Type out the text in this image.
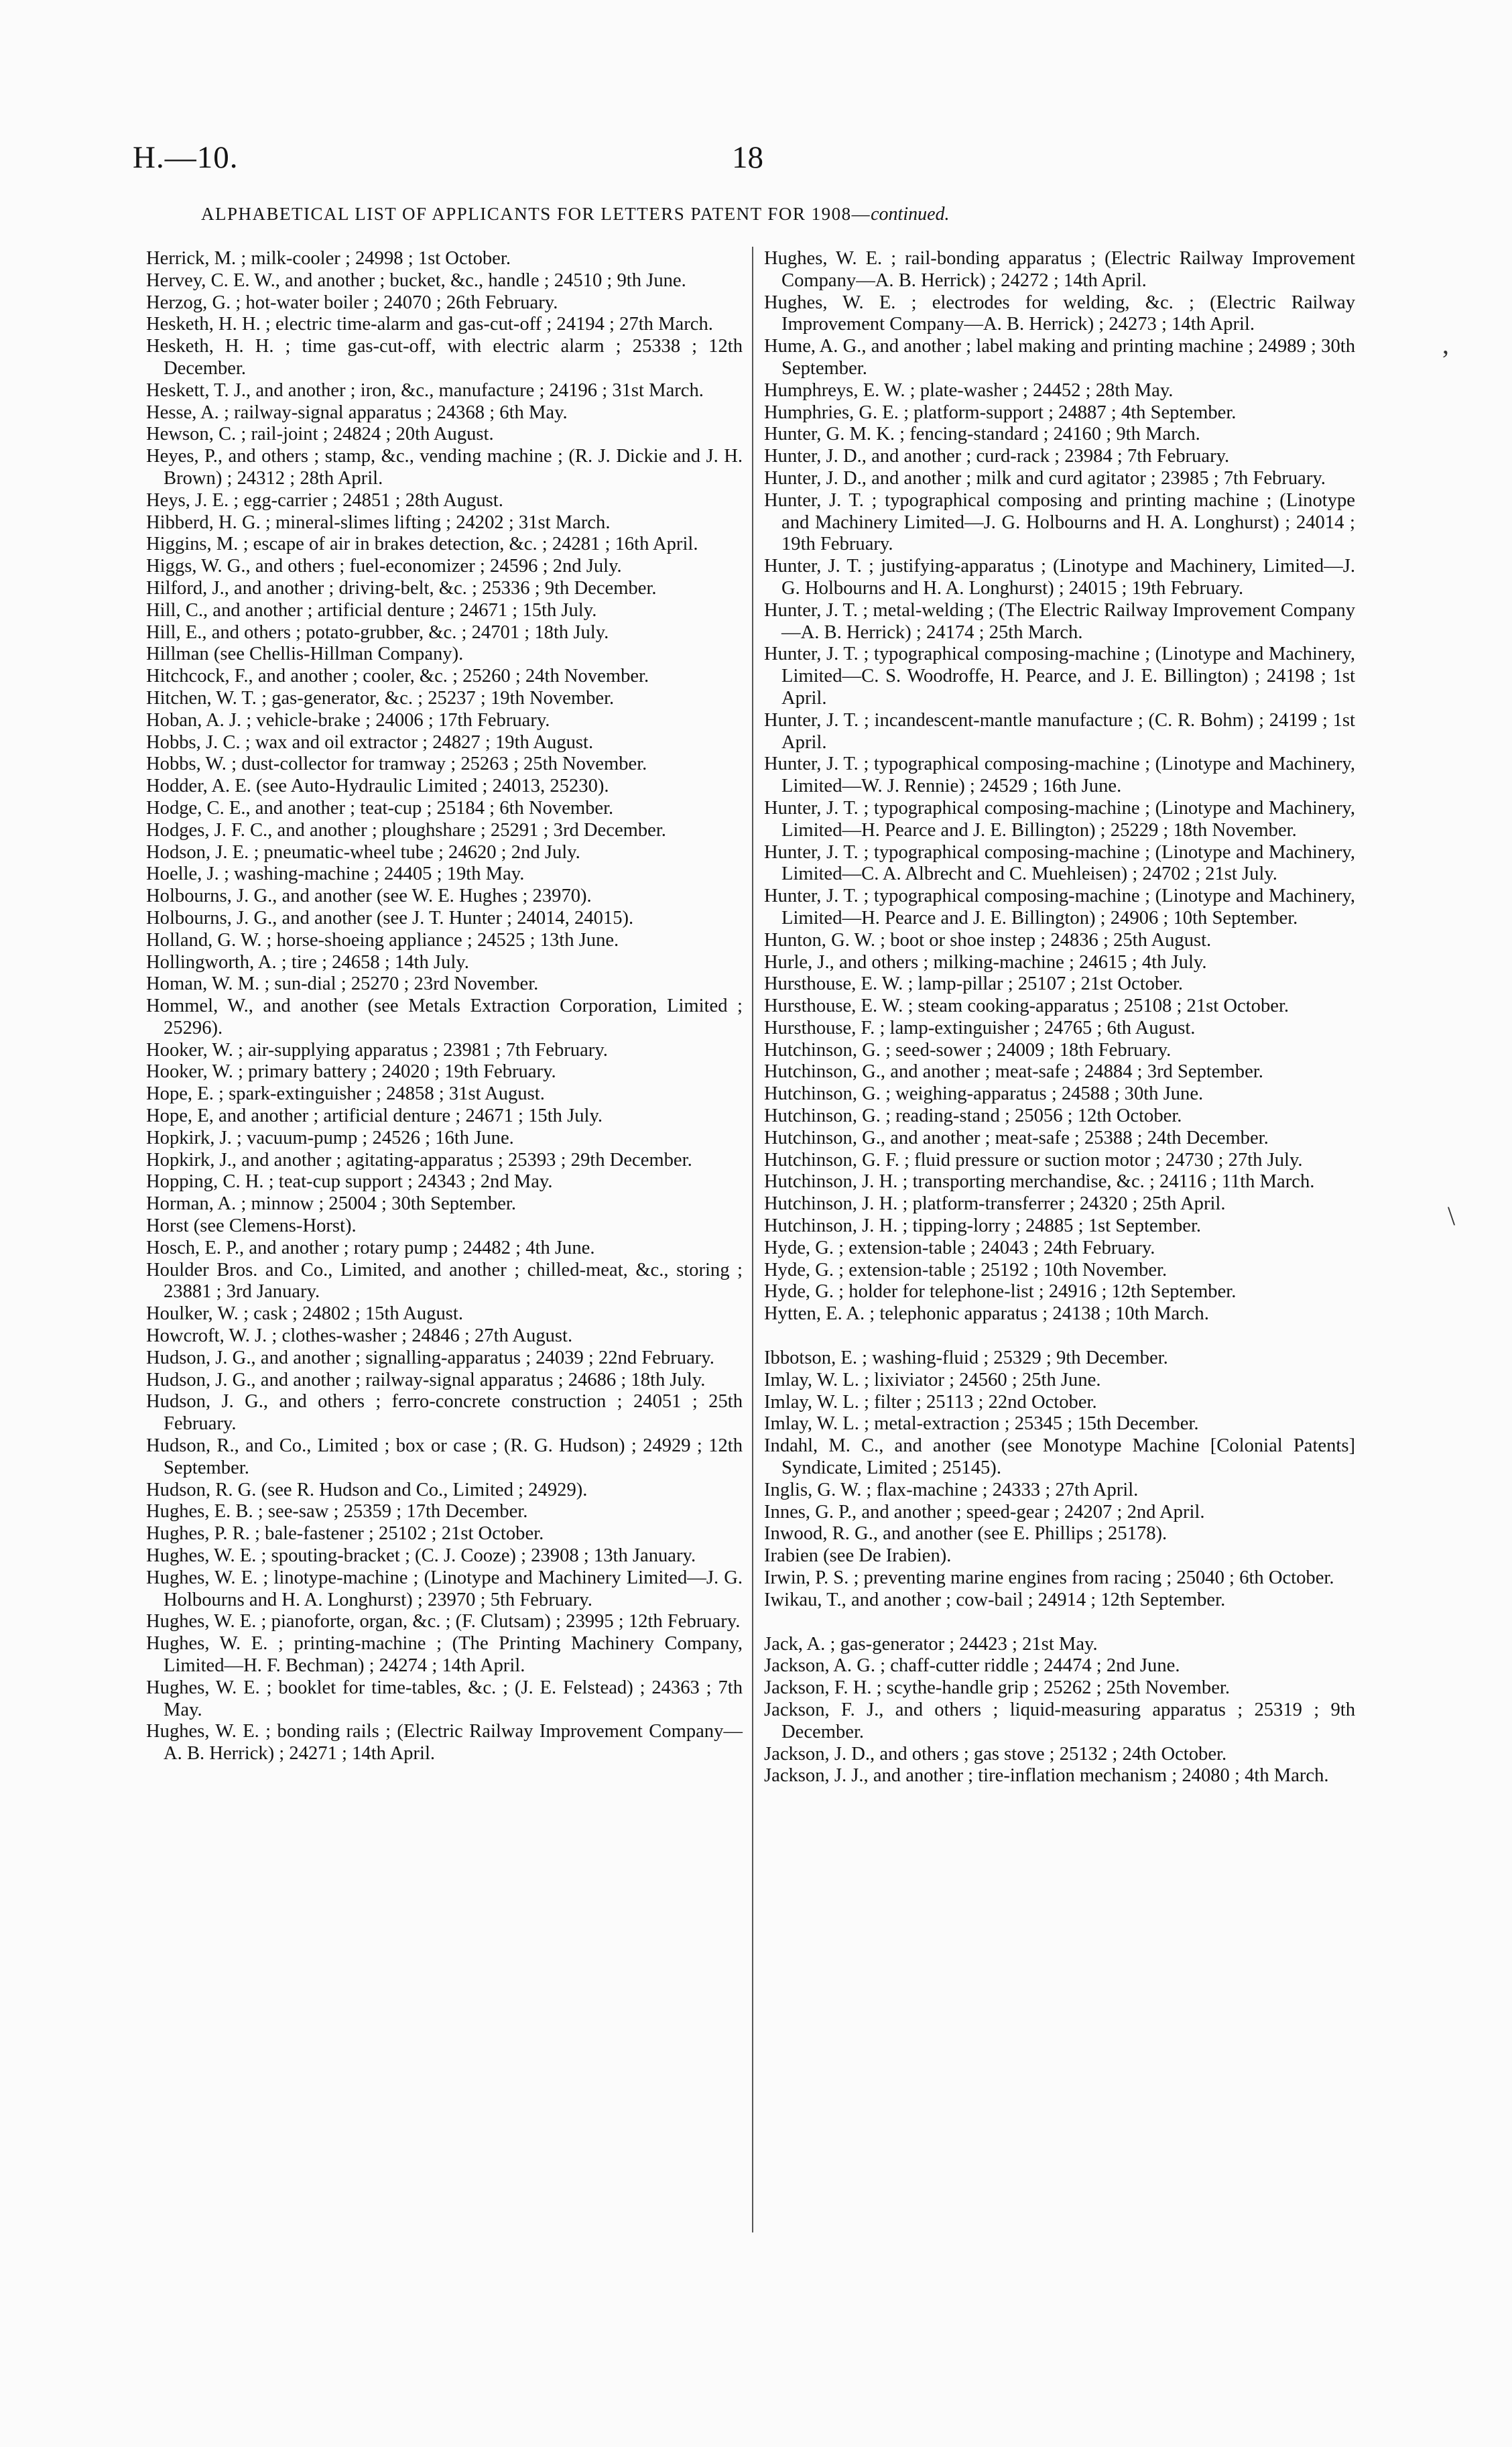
H.—10.	18
ALPHABETICAL LIST OF APPLICANTS FOR LETTERS PATENT FOR 1908—continued.
Herrick, M. ; milk-cooler ; 24998 ; 1st October.
Hervey, C. E. W., and another ; bucket, &c., handle ; 24510 ; 9th June.
Herzog, G. ; hot-water boiler ; 24070 ; 26th February.
Hesketh, H. H. ; electric time-alarm and gas-cut-off ; 24194 ; 27th March.
Hesketh, H. H. ; time gas-cut-off, with electric alarm ; 25338 ; 12th December.
Heskett, T. J., and another ; iron, &c., manufacture ; 24196 ; 31st March.
Hesse, A. ; railway-signal apparatus ; 24368 ; 6th May.
Hewson, C. ; rail-joint ; 24824 ; 20th August.
Heyes, P., and others ; stamp, &c., vending machine ; (R. J. Dickie and J. H. Brown) ; 24312 ; 28th April.
Heys, J. E. ; egg-carrier ; 24851 ; 28th August.
Hibberd, H. G. ; mineral-slimes lifting ; 24202 ; 31st March.
Higgins, M. ; escape of air in brakes detection, &c. ; 24281 ; 16th April.
Higgs, W. G., and others ; fuel-economizer ; 24596 ; 2nd July.
Hilford, J., and another ; driving-belt, &c. ; 25336 ; 9th December.
Hill, C., and another ; artificial denture ; 24671 ; 15th July.
Hill, E., and others ; potato-grubber, &c. ; 24701 ; 18th July.
Hillman (see Chellis-Hillman Company).
Hitchcock, F., and another ; cooler, &c. ; 25260 ; 24th November.
Hitchen, W. T. ; gas-generator, &c. ; 25237 ; 19th November.
Hoban, A. J. ; vehicle-brake ; 24006 ; 17th February.
Hobbs, J. C. ; wax and oil extractor ; 24827 ; 19th August.
Hobbs, W. ; dust-collector for tramway ; 25263 ; 25th November.
Hodder, A. E. (see Auto-Hydraulic Limited ; 24013, 25230).
Hodge, C. E., and another ; teat-cup ; 25184 ; 6th November.
Hodges, J. F. C., and another ; ploughshare ; 25291 ; 3rd December.
Hodson, J. E. ; pneumatic-wheel tube ; 24620 ; 2nd July.
Hoelle, J. ; washing-machine ; 24405 ; 19th May.
Holbourns, J. G., and another (see W. E. Hughes ; 23970).
Holbourns, J. G., and another (see J. T. Hunter ; 24014, 24015).
Holland, G. W. ; horse-shoeing appliance ; 24525 ; 13th June.
Hollingworth, A. ; tire ; 24658 ; 14th July.
Homan, W. M. ; sun-dial ; 25270 ; 23rd November.
Hommel, W., and another (see Metals Extraction Corporation, Limited ; 25296).
Hooker, W. ; air-supplying apparatus ; 23981 ; 7th February.
Hooker, W. ; primary battery ; 24020 ; 19th February.
Hope, E. ; spark-extinguisher ; 24858 ; 31st August.
Hope, E, and another ; artificial denture ; 24671 ; 15th July.
Hopkirk, J. ; vacuum-pump ; 24526 ; 16th June.
Hopkirk, J., and another ; agitating-apparatus ; 25393 ; 29th December.
Hopping, C. H. ; teat-cup support ; 24343 ; 2nd May.
Horman, A. ; minnow ; 25004 ; 30th September.
Horst (see Clemens-Horst).
Hosch, E. P., and another ; rotary pump ; 24482 ; 4th June.
Houlder Bros. and Co., Limited, and another ; chilled-meat, &c., storing ; 23881 ; 3rd January.
Houlker, W. ; cask ; 24802 ; 15th August.
Howcroft, W. J. ; clothes-washer ; 24846 ; 27th August.
Hudson, J. G., and another ; signalling-apparatus ; 24039 ; 22nd February.
Hudson, J. G., and another ; railway-signal apparatus ; 24686 ; 18th July.
Hudson, J. G., and others ; ferro-concrete construction ; 24051 ; 25th February.
Hudson, R., and Co., Limited ; box or case ; (R. G. Hudson) ; 24929 ; 12th September.
Hudson, R. G. (see R. Hudson and Co., Limited ; 24929).
Hughes, E. B. ; see-saw ; 25359 ; 17th December.
Hughes, P. R. ; bale-fastener ; 25102 ; 21st October.
Hughes, W. E. ; spouting-bracket ; (C. J. Cooze) ; 23908 ; 13th January.
Hughes, W. E. ; linotype-machine ; (Linotype and Machinery Limited—J. G. Holbourns and H. A. Longhurst) ; 23970 ; 5th February.
Hughes, W. E. ; pianoforte, organ, &c. ; (F. Clutsam) ; 23995 ; 12th February.
Hughes, W. E. ; printing-machine ; (The Printing Machinery Company, Limited—H. F. Bechman) ; 24274 ; 14th April.
Hughes, W. E. ; booklet for time-tables, &c. ; (J. E. Felstead) ; 24363 ; 7th May.
Hughes, W. E. ; bonding rails ; (Electric Railway Improvement Company—A. B. Herrick) ; 24271 ; 14th April.
Hughes, W. E. ; rail-bonding apparatus ; (Electric Railway Improvement Company—A. B. Herrick) ; 24272 ; 14th April.
Hughes, W. E. ; electrodes for welding, &c. ; (Electric Railway Improvement Company—A. B. Herrick) ; 24273 ; 14th April.
Hume, A. G., and another ; label making and printing machine ; 24989 ; 30th September.
Humphreys, E. W. ; plate-washer ; 24452 ; 28th May.
Humphries, G. E. ; platform-support ; 24887 ; 4th September.
Hunter, G. M. K. ; fencing-standard ; 24160 ; 9th March.
Hunter, J. D., and another ; curd-rack ; 23984 ; 7th February.
Hunter, J. D., and another ; milk and curd agitator ; 23985 ; 7th February.
Hunter, J. T. ; typographical composing and printing machine ; (Linotype and Machinery Limited—J. G. Holbourns and H. A. Longhurst) ; 24014 ; 19th February.
Hunter, J. T. ; justifying-apparatus ; (Linotype and Machinery, Limited—J. G. Holbourns and H. A. Longhurst) ; 24015 ; 19th February.
Hunter, J. T. ; metal-welding ; (The Electric Railway Improvement Company—A. B. Herrick) ; 24174 ; 25th March.
Hunter, J. T. ; typographical composing-machine ; (Linotype and Machinery, Limited—C. S. Woodroffe, H. Pearce, and J. E. Billington) ; 24198 ; 1st April.
Hunter, J. T. ; incandescent-mantle manufacture ; (C. R. Bohm) ; 24199 ; 1st April.
Hunter, J. T. ; typographical composing-machine ; (Linotype and Machinery, Limited—W. J. Rennie) ; 24529 ; 16th June.
Hunter, J. T. ; typographical composing-machine ; (Linotype and Machinery, Limited—H. Pearce and J. E. Billington) ; 25229 ; 18th November.
Hunter, J. T. ; typographical composing-machine ; (Linotype and Machinery, Limited—C. A. Albrecht and C. Muehleisen) ; 24702 ; 21st July.
Hunter, J. T. ; typographical composing-machine ; (Linotype and Machinery, Limited—H. Pearce and J. E. Billington) ; 24906 ; 10th September.
Hunton, G. W. ; boot or shoe instep ; 24836 ; 25th August.
Hurle, J., and others ; milking-machine ; 24615 ; 4th July.
Hursthouse, E. W. ; lamp-pillar ; 25107 ; 21st October.
Hursthouse, E. W. ; steam cooking-apparatus ; 25108 ; 21st October.
Hursthouse, F. ; lamp-extinguisher ; 24765 ; 6th August.
Hutchinson, G. ; seed-sower ; 24009 ; 18th February.
Hutchinson, G., and another ; meat-safe ; 24884 ; 3rd September.
Hutchinson, G. ; weighing-apparatus ; 24588 ; 30th June.
Hutchinson, G. ; reading-stand ; 25056 ; 12th October.
Hutchinson, G., and another ; meat-safe ; 25388 ; 24th December.
Hutchinson, G. F. ; fluid pressure or suction motor ; 24730 ; 27th July.
Hutchinson, J. H. ; transporting merchandise, &c. ; 24116 ; 11th March.
Hutchinson, J. H. ; platform-transferrer ; 24320 ; 25th April.
Hutchinson, J. H. ; tipping-lorry ; 24885 ; 1st September.
Hyde, G. ; extension-table ; 24043 ; 24th February.
Hyde, G. ; extension-table ; 25192 ; 10th November.
Hyde, G. ; holder for telephone-list ; 24916 ; 12th September.
Hytten, E. A. ; telephonic apparatus ; 24138 ; 10th March.
Ibbotson, E. ; washing-fluid ; 25329 ; 9th December.
Imlay, W. L. ; lixiviator ; 24560 ; 25th June.
Imlay, W. L. ; filter ; 25113 ; 22nd October.
Imlay, W. L. ; metal-extraction ; 25345 ; 15th December.
Indahl, M. C., and another (see Monotype Machine [Colonial Patents] Syndicate, Limited ; 25145).
Inglis, G. W. ; flax-machine ; 24333 ; 27th April.
Innes, G. P., and another ; speed-gear ; 24207 ; 2nd April.
Inwood, R. G., and another (see E. Phillips ; 25178).
Irabien (see De Irabien).
Irwin, P. S. ; preventing marine engines from racing ; 25040 ; 6th October.
Iwikau, T., and another ; cow-bail ; 24914 ; 12th September.
Jack, A. ; gas-generator ; 24423 ; 21st May.
Jackson, A. G. ; chaff-cutter riddle ; 24474 ; 2nd June.
Jackson, F. H. ; scythe-handle grip ; 25262 ; 25th November.
Jackson, F. J., and others ; liquid-measuring apparatus ; 25319 ; 9th December.
Jackson, J. D., and others ; gas stove ; 25132 ; 24th October.
Jackson, J. J., and another ; tire-inflation mechanism ; 24080 ; 4th March.
‚
\
